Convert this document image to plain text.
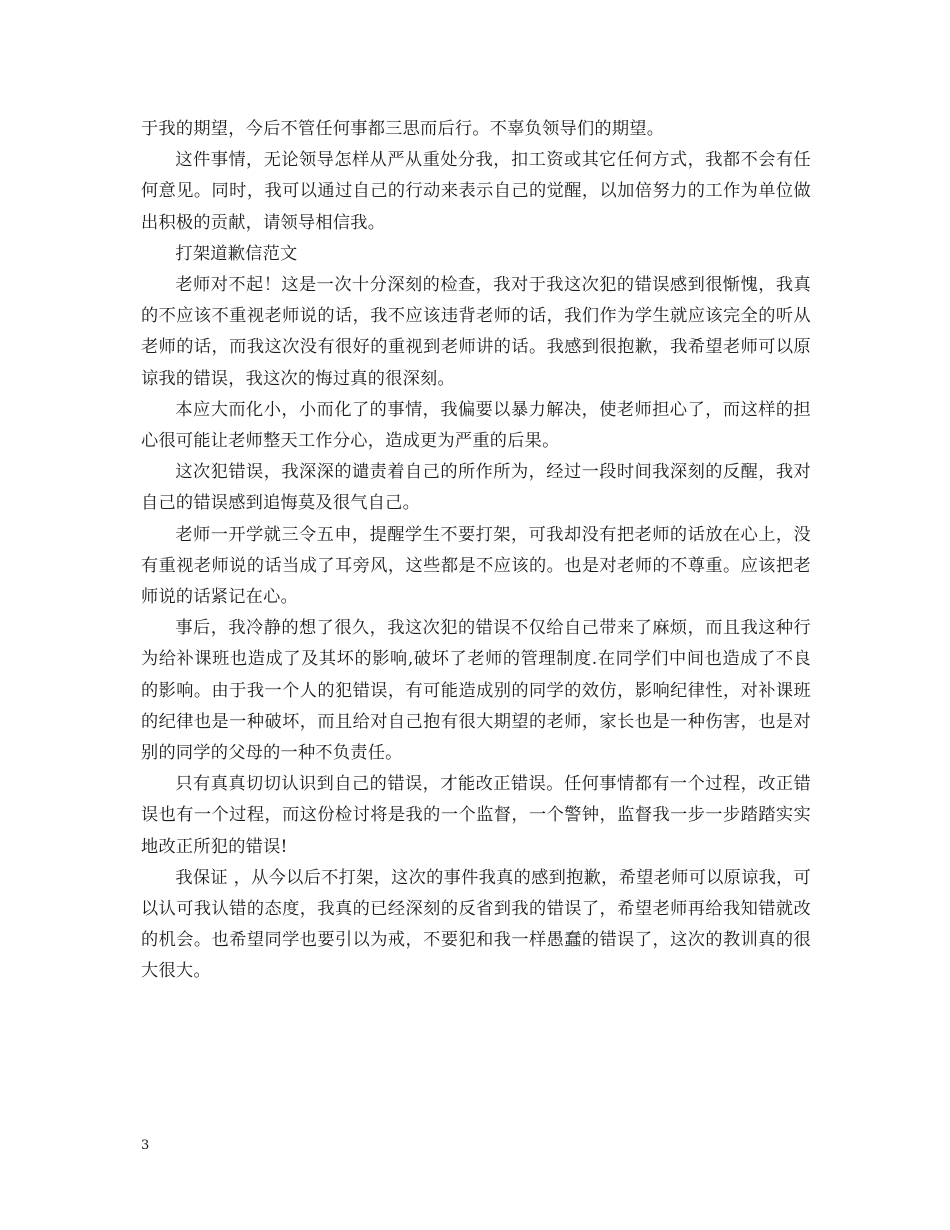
于我的期望，今后不管任何事都三思而后行。不辜负领导们的期望。

这件事情，无论领导怎样从严从重处分我，扣工资或其它任何方式，我都不会有任何意见。同时，我可以通过自己的行动来表示自己的觉醒，以加倍努力的工作为单位做出积极的贡献，请领导相信我。

打架道歉信范文

老师对不起！这是一次十分深刻的检查，我对于我这次犯的错误感到很惭愧，我真的不应该不重视老师说的话，我不应该违背老师的话，我们作为学生就应该完全的听从老师的话，而我这次没有很好的重视到老师讲的话。我感到很抱歉，我希望老师可以原谅我的错误，我这次的悔过真的很深刻。

本应大而化小，小而化了的事情，我偏要以暴力解决，使老师担心了，而这样的担心很可能让老师整天工作分心，造成更为严重的后果。

这次犯错误，我深深的谴责着自己的所作所为，经过一段时间我深刻的反醒，我对自己的错误感到追悔莫及很气自己。

老师一开学就三令五申，提醒学生不要打架，可我却没有把老师的话放在心上，没有重视老师说的话当成了耳旁风，这些都是不应该的。也是对老师的不尊重。应该把老师说的话紧记在心。

事后，我冷静的想了很久，我这次犯的错误不仅给自己带来了麻烦，而且我这种行为给补课班也造成了及其坏的影响,破坏了老师的管理制度.在同学们中间也造成了不良的影响。由于我一个人的犯错误，有可能造成别的同学的效仿，影响纪律性，对补课班的纪律也是一种破坏，而且给对自己抱有很大期望的老师，家长也是一种伤害，也是对别的同学的父母的一种不负责任。

只有真真切切认识到自己的错误，才能改正错误。任何事情都有一个过程，改正错误也有一个过程，而这份检讨将是我的一个监督，一个警钟，监督我一步一步踏踏实实地改正所犯的错误!

我保证 ，从今以后不打架，这次的事件我真的感到抱歉，希望老师可以原谅我，可以认可我认错的态度，我真的已经深刻的反省到我的错误了，希望老师再给我知错就改的机会。也希望同学也要引以为戒，不要犯和我一样愚蠢的错误了，这次的教训真的很大很大。

3
